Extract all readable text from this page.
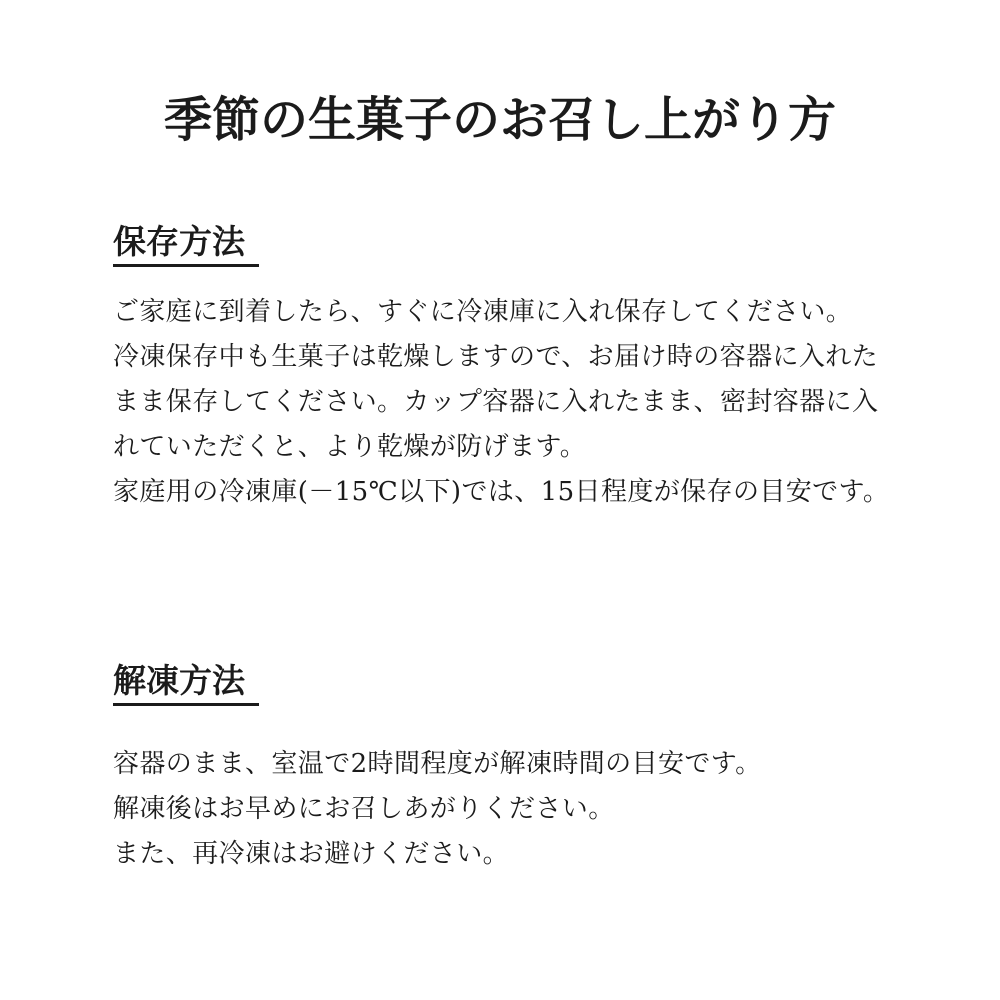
季節の生菓子のお召し上がり方
保存方法
ご家庭に到着したら、すぐに冷凍庫に入れ保存してください。
冷凍保存中も生菓子は乾燥しますので、お届け時の容器に入れた
まま保存してください。カップ容器に入れたまま、密封容器に入
れていただくと、より乾燥が防げます。
家庭用の冷凍庫(－15℃以下)では、15日程度が保存の目安です。
解凍方法
容器のまま、室温で2時間程度が解凍時間の目安です。
解凍後はお早めにお召しあがりください。
また、再冷凍はお避けください。
